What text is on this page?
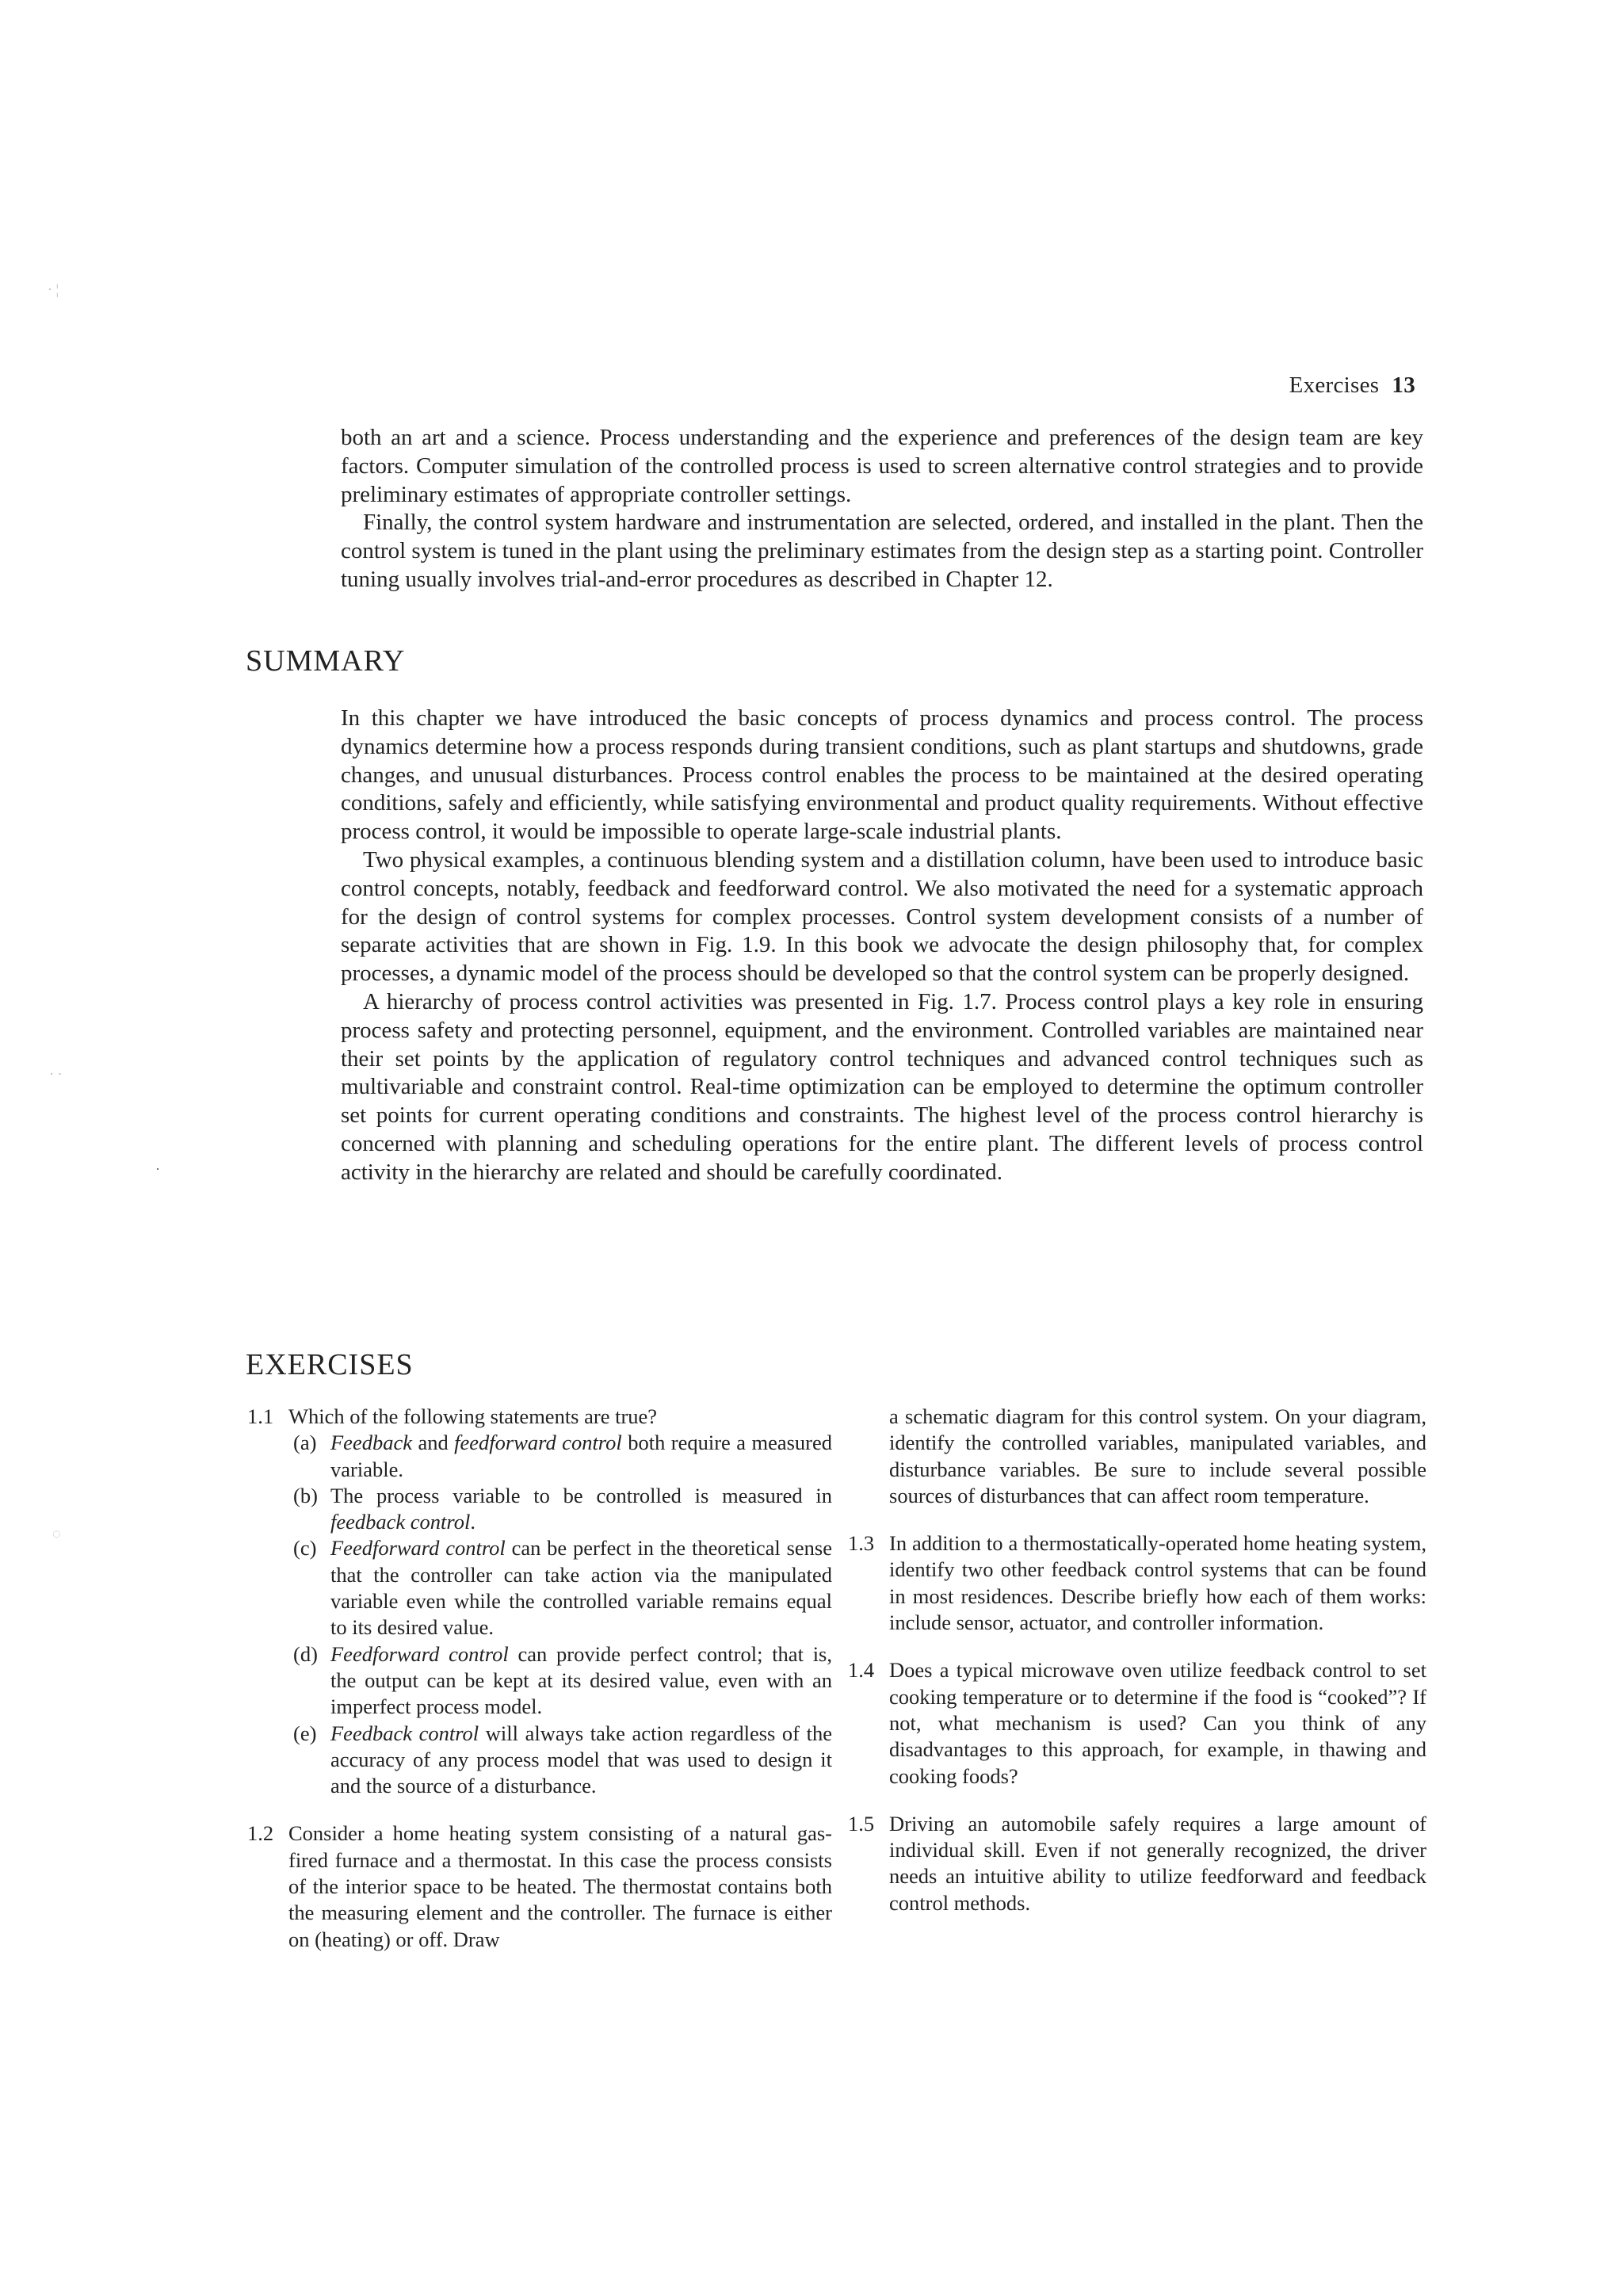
Exercises 13

both an art and a science. Process understanding and the experience and preferences of the design team are key factors. Computer simulation of the controlled process is used to screen alternative control strategies and to provide preliminary estimates of appropriate controller settings.

Finally, the control system hardware and instrumentation are selected, ordered, and installed in the plant. Then the control system is tuned in the plant using the preliminary estimates from the design step as a starting point. Controller tuning usually involves trial-and-error procedures as described in Chapter 12.

SUMMARY

In this chapter we have introduced the basic concepts of process dynamics and process control. The process dynamics determine how a process responds during transient conditions, such as plant startups and shutdowns, grade changes, and unusual disturbances. Process control enables the process to be maintained at the desired operating conditions, safely and efficiently, while satisfying environmental and product quality requirements. Without effective process control, it would be impossible to operate large-scale industrial plants.

Two physical examples, a continuous blending system and a distillation column, have been used to introduce basic control concepts, notably, feedback and feedforward control. We also motivated the need for a systematic approach for the design of control systems for complex processes. Control system development consists of a number of separate activities that are shown in Fig. 1.9. In this book we advocate the design philosophy that, for complex processes, a dynamic model of the process should be developed so that the control system can be properly designed.

A hierarchy of process control activities was presented in Fig. 1.7. Process control plays a key role in ensuring process safety and protecting personnel, equipment, and the environment. Controlled variables are maintained near their set points by the application of regulatory control techniques and advanced control techniques such as multivariable and constraint control. Real-time optimization can be employed to determine the optimum controller set points for current operating conditions and constraints. The highest level of the process control hierarchy is concerned with planning and scheduling operations for the entire plant. The different levels of process control activity in the hierarchy are related and should be carefully coordinated.

EXERCISES
1.1 Which of the following statements are true?
(a) Feedback and feedforward control both require a measured variable.
(b) The process variable to be controlled is measured in feedback control.
(c) Feedforward control can be perfect in the theoretical sense that the controller can take action via the manipulated variable even while the controlled variable remains equal to its desired value.
(d) Feedforward control can provide perfect control; that is, the output can be kept at its desired value, even with an imperfect process model.
(e) Feedback control will always take action regardless of the accuracy of any process model that was used to design it and the source of a disturbance.
1.2 Consider a home heating system consisting of a natural gas-fired furnace and a thermostat. In this case the process consists of the interior space to be heated. The thermostat contains both the measuring element and the controller. The furnace is either on (heating) or off. Draw
a schematic diagram for this control system. On your diagram, identify the controlled variables, manipulated variables, and disturbance variables. Be sure to include several possible sources of disturbances that can affect room temperature.
1.3 In addition to a thermostatically-operated home heating system, identify two other feedback control systems that can be found in most residences. Describe briefly how each of them works: include sensor, actuator, and controller information.
1.4 Does a typical microwave oven utilize feedback control to set cooking temperature or to determine if the food is “cooked”? If not, what mechanism is used? Can you think of any disadvantages to this approach, for example, in thawing and cooking foods?
1.5 Driving an automobile safely requires a large amount of individual skill. Even if not generally recognized, the driver needs an intuitive ability to utilize feedforward and feedback control methods.
· ¦
· ·
◌
·
